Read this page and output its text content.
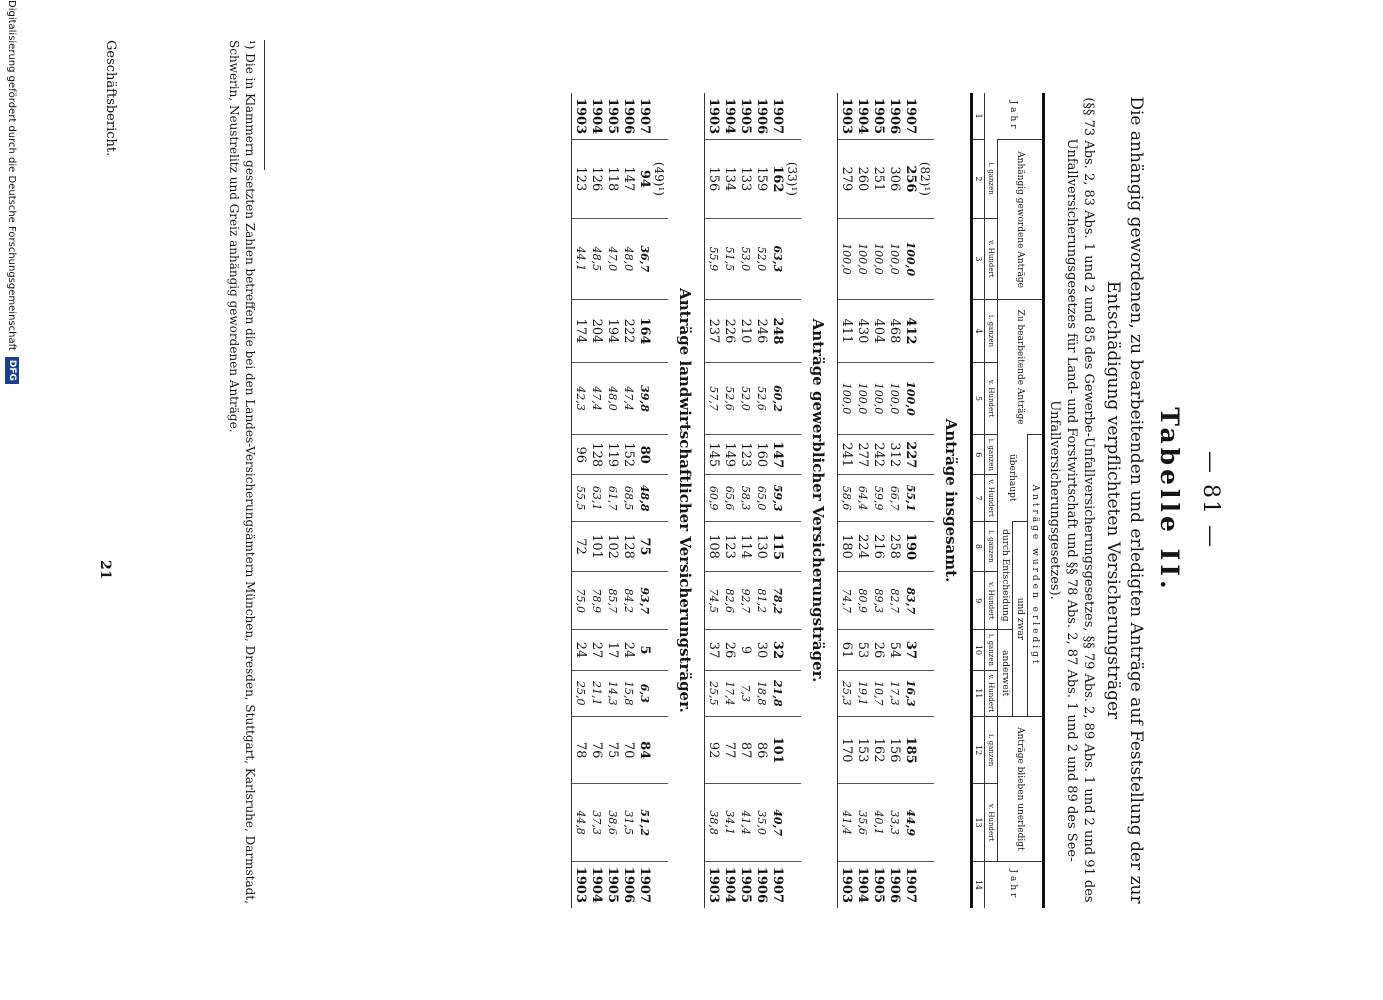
— 81 —
Tabelle II.
Die anhängig gewordenen, zu bearbeitenden und erledigten Anträge auf Feststellung der zur
Entschädigung verpflichteten Versicherungsträger
(§§ 73 Abs. 2, 83 Abs. 1 und 2 und 85 des Gewerbe-Unfallversicherungsgesetzes, §§ 79 Abs. 2, 89 Abs. 1 und 2 und 91 des Unfallversicherungsgesetzes für Land- und Forstwirtschaft und §§ 78 Abs. 2, 87 Abs. 1 und 2 und 89 des See-Unfallversicherungsgesetzes).
Jahr	Anhängig gewordene Anträge		Zu bearbeitende Anträge		Anträge wurden erledigt						Anträge blieben unerledigt		Jahr
					überhaupt		und zwar						
							durch Entscheidung		anderweit				
	i. ganzen	v. Hundert	i. ganzen	v. Hundert	i. ganzen	v. Hundert	i. ganzen	v. Hundert	i. ganzen	v. Hundert	i. ganzen	v. Hundert	
1	2	3	4	5	6	7	8	9	10	11	12	13	14
Anträge insgesamt.													
	(82)¹)												
1907	256	100,0	412	100,0	227	55,1	190	83,7	37	16,3	185	44,9	1907
1906	306	100,0	468	100,0	312	66,7	258	82,7	54	17,3	156	33,3	1906
1905	251	100,0	404	100,0	242	59,9	216	89,3	26	10,7	162	40,1	1905
1904	260	100,0	430	100,0	277	64,4	224	80,9	53	19,1	153	35,6	1904
1903	279	100,0	411	100,0	241	58,6	180	74,7	61	25,3	170	41,4	1903
Anträge gewerblicher Versicherungsträger.													
	(33)¹)												
1907	162	63,3	248	60,2	147	59,3	115	78,2	32	21,8	101	40,7	1907
1906	159	52,0	246	52,6	160	65,0	130	81,2	30	18,8	86	35,0	1906
1905	133	53,0	210	52,0	123	58,3	114	92,7	9	7,3	87	41,4	1905
1904	134	51,5	226	52,6	149	65,6	123	82,6	26	17,4	77	34,1	1904
1903	156	55,9	237	57,7	145	60,9	108	74,5	37	25,5	92	38,8	1903
Anträge landwirtschaftlicher Versicherungsträger.													
	(49)¹)												
1907	94	36,7	164	39,8	80	48,8	75	93,7	5	6,3	84	51,2	1907
1906	147	48,0	222	47,4	152	68,5	128	84,2	24	15,8	70	31,5	1906
1905	118	47,0	194	48,0	119	61,7	102	85,7	17	14,3	75	38,6	1905
1904	126	48,5	204	47,4	128	63,1	101	78,9	27	21,1	76	37,3	1904
1903	123	44,1	174	42,3	96	55,5	72	75,0	24	25,0	78	44,8	1903
¹) Die in Klammern gesetzten Zahlen betreffen die bei den Landes-Versicherungsämtern München, Dresden, Stuttgart, Karlsruhe, Darmstadt, Schwerin, Neustrelitz und Greiz anhängig gewordenen Anträge.
Geschäftsbericht.
21
Digitalisierung gefördert durch die Deutsche Forschungsgemeinschaft
DFG
